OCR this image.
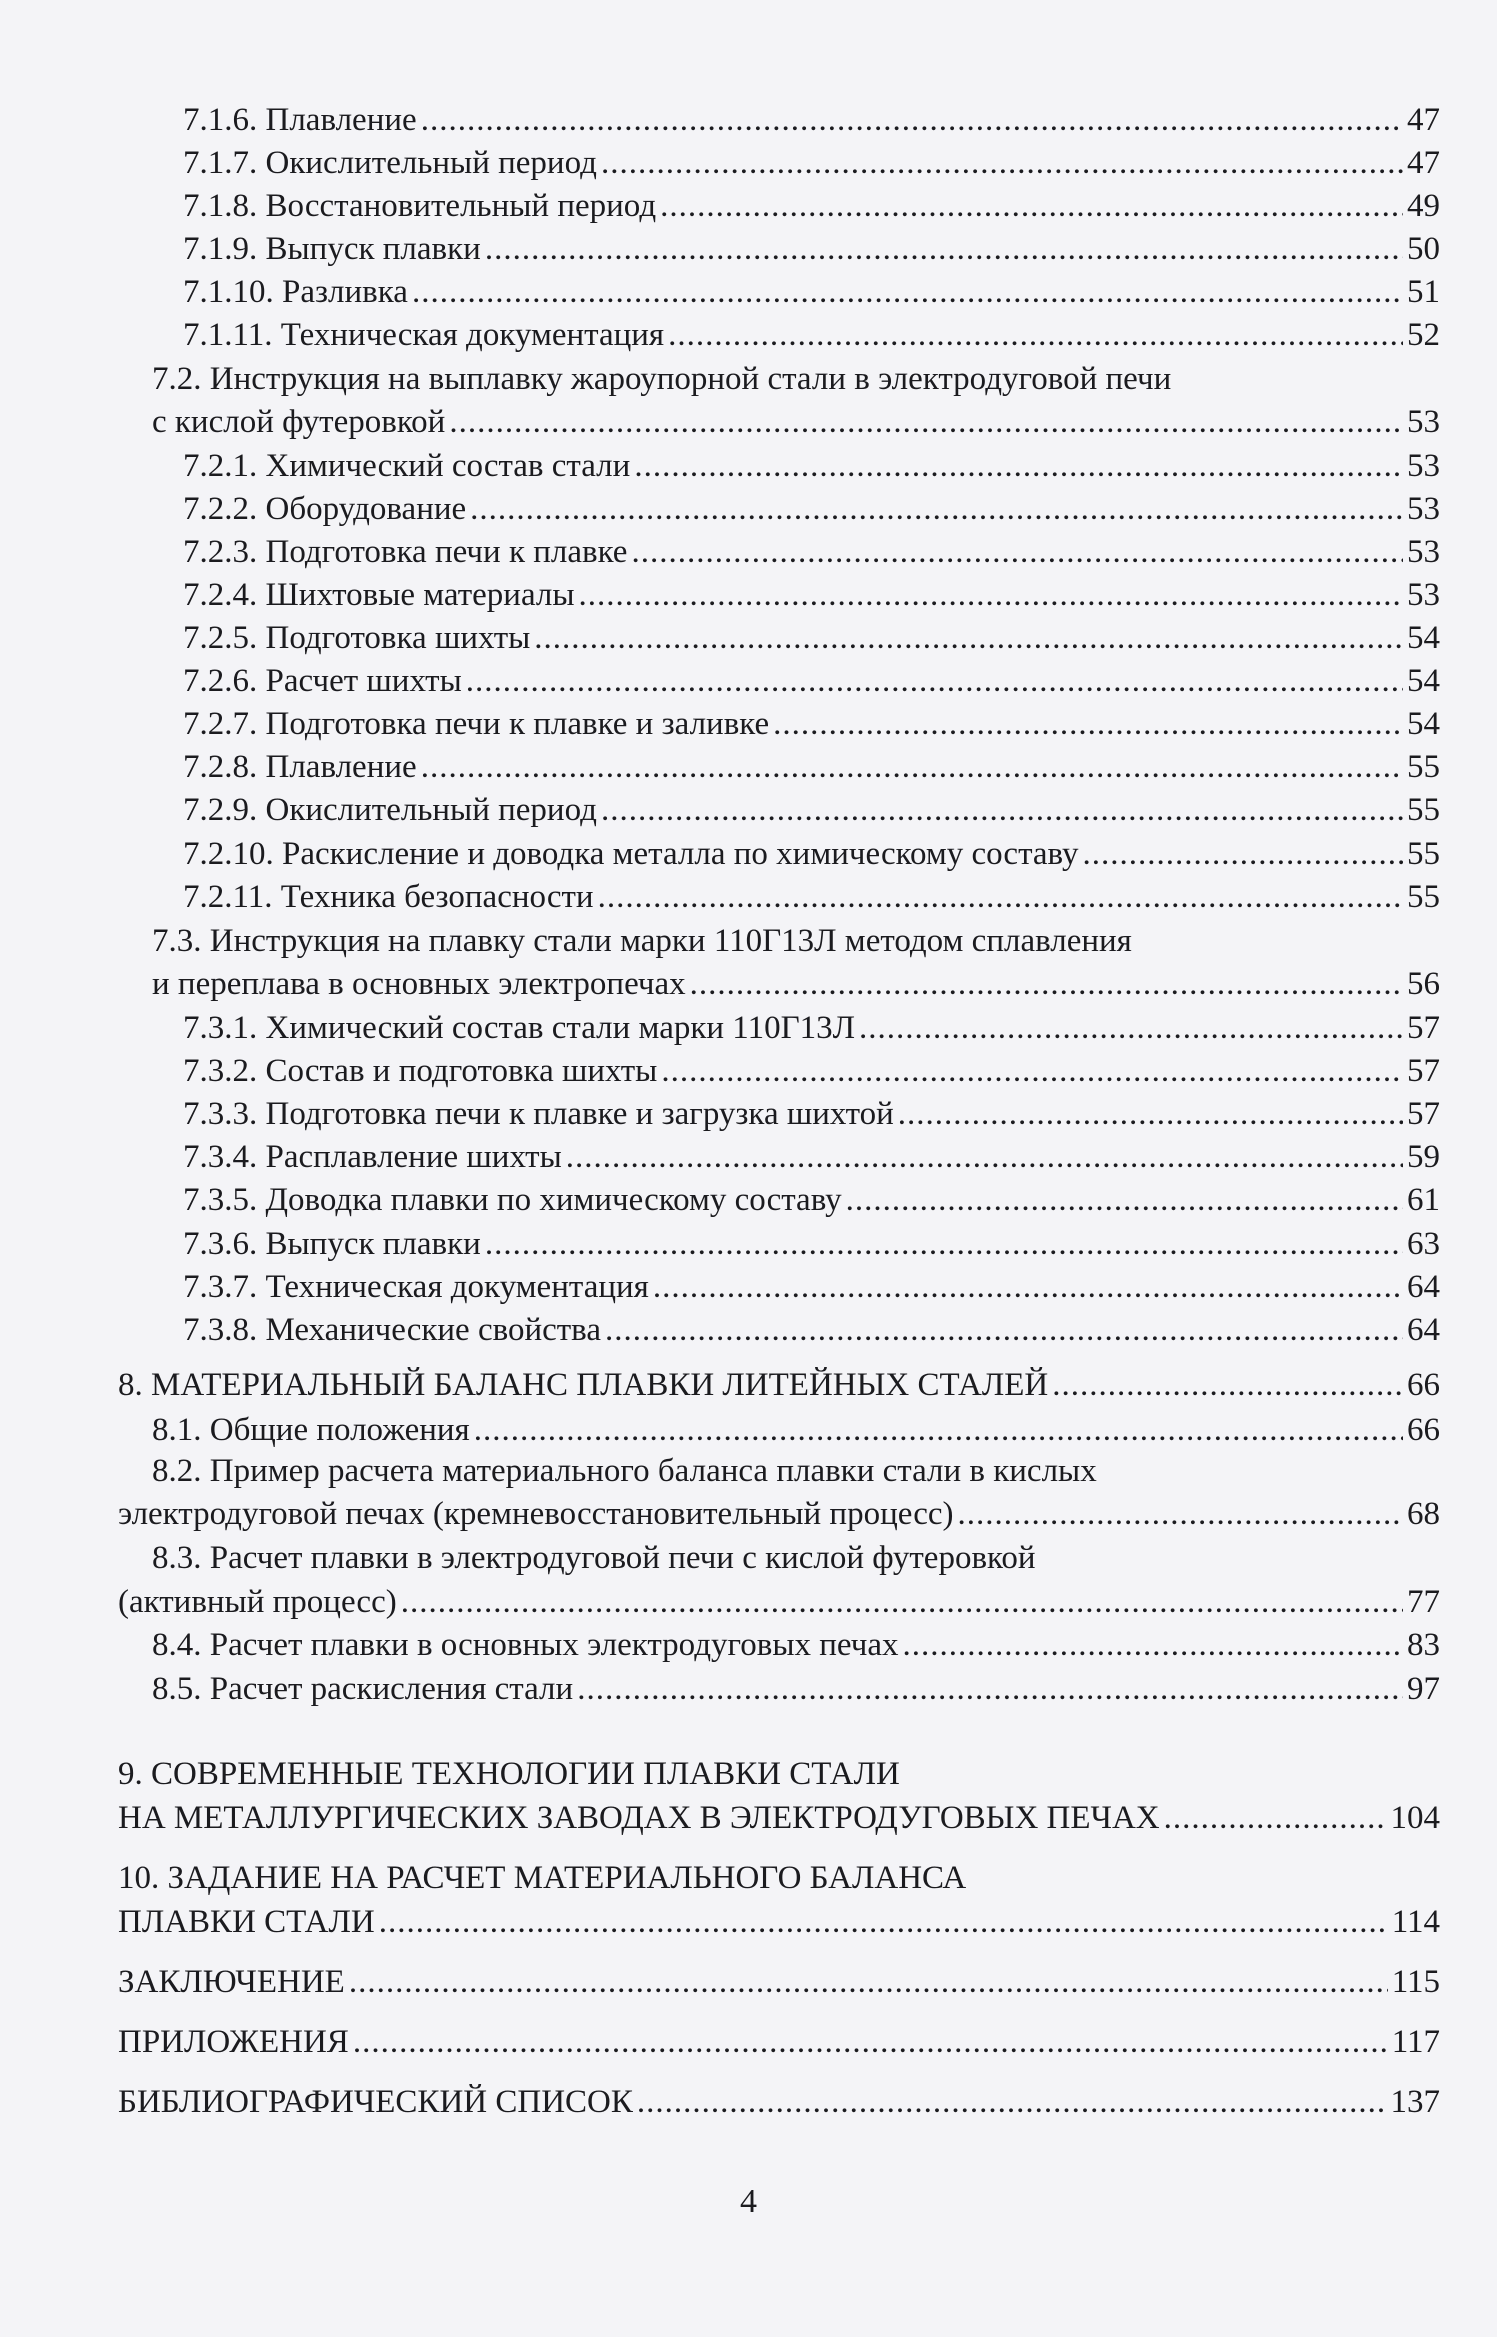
7.1.6. Плавление .....	47
7.1.7. Окислительный период .....	47
7.1.8. Восстановительный период .....	49
7.1.9. Выпуск плавки .....	50
7.1.10. Разливка .....	51
7.1.11. Техническая документация .....	52
7.2. Инструкция на выплавку жароупорной стали в электродуговой печи
с кислой футеровкой .....	53
7.2.1. Химический состав стали .....	53
7.2.2. Оборудование .....	53
7.2.3. Подготовка печи к плавке .....	53
7.2.4. Шихтовые материалы .....	53
7.2.5. Подготовка шихты .....	54
7.2.6. Расчет шихты .....	54
7.2.7. Подготовка печи к плавке и заливке .....	54
7.2.8. Плавление .....	55
7.2.9. Окислительный период .....	55
7.2.10. Раскисление и доводка металла по химическому составу .....	55
7.2.11. Техника безопасности .....	55
7.3. Инструкция на плавку стали марки 110Г13Л методом сплавления
и переплава в основных электропечах .....	56
7.3.1. Химический состав стали марки 110Г13Л .....	57
7.3.2. Состав и подготовка шихты .....	57
7.3.3. Подготовка печи к плавке и загрузка шихтой .....	57
7.3.4. Расплавление шихты .....	59
7.3.5. Доводка плавки по химическому составу .....	61
7.3.6. Выпуск плавки .....	63
7.3.7. Техническая документация .....	64
7.3.8. Механические свойства .....	64
8. МАТЕРИАЛЬНЫЙ БАЛАНС ПЛАВКИ ЛИТЕЙНЫХ СТАЛЕЙ .....	66
8.1. Общие положения .....	66
8.2. Пример расчета материального баланса плавки стали в кислых
электродуговой печах (кремневосстановительный процесс) .....	68
8.3. Расчет плавки в электродуговой печи с кислой футеровкой
(активный процесс) .....	77
8.4. Расчет плавки в основных электродуговых печах .....	83
8.5. Расчет раскисления стали .....	97
9. СОВРЕМЕННЫЕ ТЕХНОЛОГИИ ПЛАВКИ СТАЛИ
НА МЕТАЛЛУРГИЧЕСКИХ ЗАВОДАХ В ЭЛЕКТРОДУГОВЫХ ПЕЧАХ .....	104
10. ЗАДАНИЕ НА РАСЧЕТ МАТЕРИАЛЬНОГО БАЛАНСА
ПЛАВКИ СТАЛИ .....	114
ЗАКЛЮЧЕНИЕ .....	115
ПРИЛОЖЕНИЯ .....	117
БИБЛИОГРАФИЧЕСКИЙ СПИСОК .....	137
4
